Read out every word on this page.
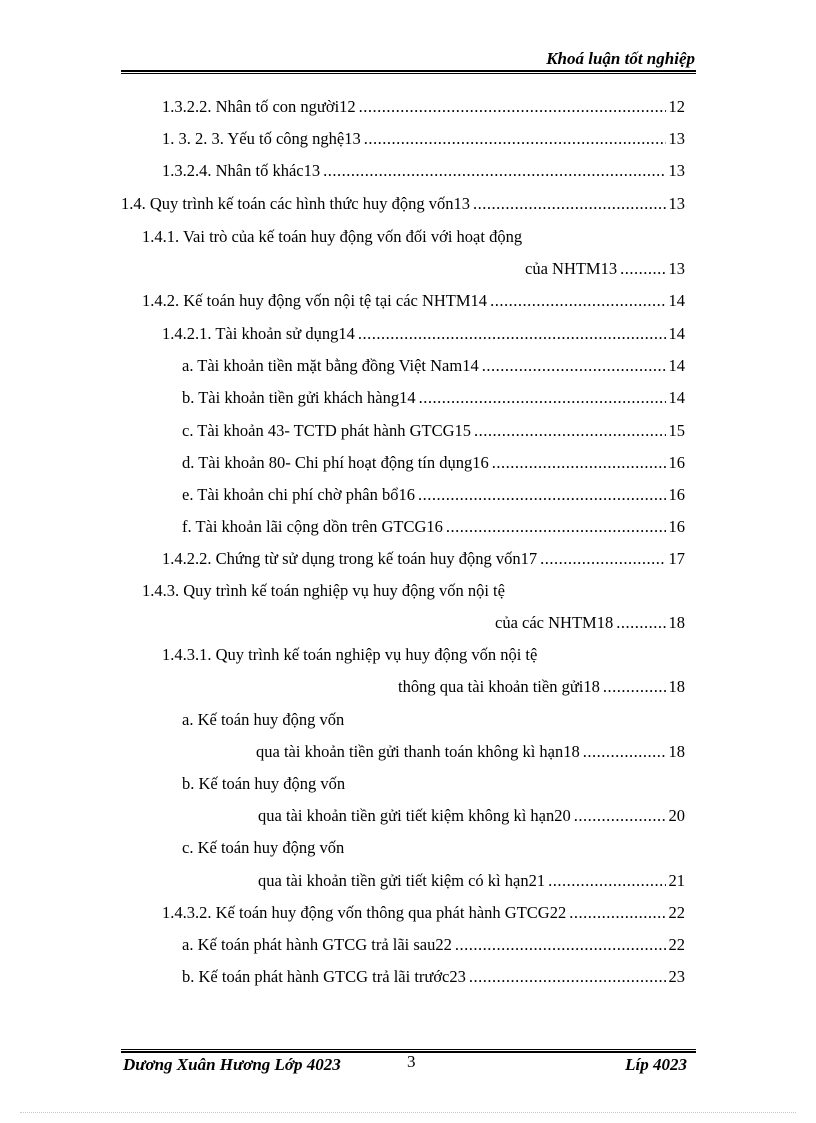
Khoá luận tốt nghiệp
1.3.2.2. Nhân tố con người12 .....	12
1. 3. 2. 3. Yếu tố công nghệ13 .....	13
1.3.2.4. Nhân tố khác13 .....	13
1.4. Quy trình kế toán các hình thức huy động vốn13 .....	13
1.4.1. Vai trò của kế toán huy động vốn đối với hoạt động
của NHTM13 .....	13
1.4.2. Kế toán huy động vốn nội tệ tại các NHTM14 .....	14
1.4.2.1. Tài khoản sử dụng14 .....	14
a. Tài khoản tiền mặt bằng đồng Việt Nam14 .....	14
b. Tài khoản tiền gửi khách hàng14 .....	14
c. Tài khoản 43- TCTD phát hành GTCG15 .....	15
d. Tài khoản 80- Chi phí hoạt động tín dụng16 .....	16
e. Tài khoản chi phí chờ phân bổ16 .....	16
f. Tài khoản lãi cộng dồn trên GTCG16 .....	16
1.4.2.2. Chứng từ sử dụng trong kế toán huy động vốn17 .....	17
1.4.3. Quy trình kế toán nghiệp vụ huy động vốn nội tệ
của các NHTM18 .....	18
1.4.3.1. Quy trình kế toán nghiệp vụ huy động vốn nội tệ
thông qua tài khoản tiền gửi18 .....	18
a. Kế toán huy động vốn
qua tài khoản tiền gửi thanh toán không kì hạn18 .....	18
b. Kế toán huy động vốn
qua tài khoản tiền gửi tiết kiệm không kì hạn20 .....	20
c. Kế toán huy động vốn
qua tài khoản tiền gửi tiết kiệm có kì hạn21 .....	21
1.4.3.2. Kế toán huy động vốn thông qua phát hành GTCG22 .....	22
a. Kế toán phát hành GTCG trả lãi sau22 .....	22
b. Kế toán phát hành GTCG trả lãi trước23 .....	23
Dương Xuân Hương Lớp 4023	3	Líp 4023
